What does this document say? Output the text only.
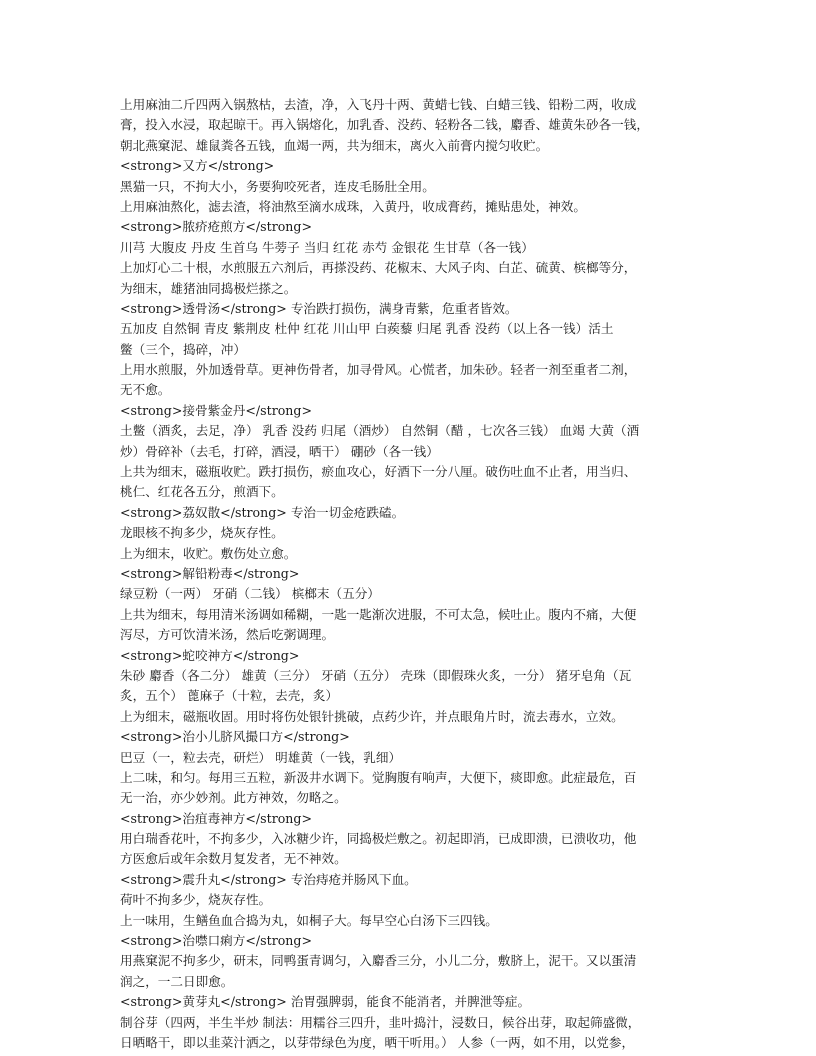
上用麻油二斤四两入锅熬枯，去渣，净，入飞丹十两、黄蜡七钱、白蜡三钱、铅粉二两，收成
膏，投入水浸，取起晾干。再入锅熔化，加乳香、没药、轻粉各二钱，麝香、雄黄朱砂各一钱，
朝北燕窠泥、雄鼠粪各五钱，血竭一两，共为细末，离火入前膏内搅匀收贮。
<strong>又方</strong>
黑猫一只，不拘大小，务要狗咬死者，连皮毛肠肚全用。
上用麻油熬化，滤去渣，将油熬至滴水成珠，入黄丹，收成膏药，摊贴患处，神效。
<strong>脓疥疮煎方</strong>
川芎 大腹皮 丹皮 生首乌 牛蒡子 当归 红花 赤芍 金银花 生甘草（各一钱）
上加灯心二十根，水煎服五六剂后，再搽没药、花椒末、大风子肉、白芷、硫黄、槟榔等分，
为细末，雄猪油同捣极烂搽之。
<strong>透骨汤</strong> 专治跌打损伤，满身青紫，危重者皆效。
五加皮 自然铜 青皮 紫荆皮 杜仲 红花 川山甲 白蒺藜 归尾 乳香 没药（以上各一钱）活土
鳖（三个，捣碎，冲）
上用水煎服，外加透骨草。更神伤骨者，加寻骨风。心慌者，加朱砂。轻者一剂至重者二剂，
无不愈。
<strong>接骨紫金丹</strong>
土鳖（酒炙，去足，净） 乳香 没药 归尾（酒炒） 自然铜（醋 ，七次各三钱） 血竭 大黄（酒
炒）骨碎补（去毛，打碎，酒浸，晒干） 硼砂（各一钱）
上共为细末，磁瓶收贮。跌打损伤，瘀血攻心，好酒下一分八厘。破伤吐血不止者，用当归、
桃仁、红花各五分，煎酒下。
<strong>荔奴散</strong> 专治一切金疮跌磕。
龙眼核不拘多少，烧灰存性。
上为细末，收贮。敷伤处立愈。
<strong>解铅粉毒</strong>
绿豆粉（一两） 牙硝（二钱） 槟榔末（五分）
上共为细末，每用清米汤调如稀糊，一匙一匙渐次进服，不可太急，候吐止。腹内不痛，大便
泻尽，方可饮清米汤，然后吃粥调理。
<strong>蛇咬神方</strong>
朱砂 麝香（各二分） 雄黄（三分） 牙硝（五分） 壳珠（即假珠火炙，一分） 猪牙皂角（瓦
炙，五个） 蓖麻子（十粒，去壳，炙）
上为细末，磁瓶收固。用时将伤处银针挑破，点药少许，并点眼角片时，流去毒水，立效。
<strong>治小儿脐风撮口方</strong>
巴豆（一，粒去壳，研烂） 明雄黄（一钱，乳细）
上二味，和匀。每用三五粒，新汲井水调下。觉胸腹有响声，大便下，痰即愈。此症最危，百
无一治，亦少妙剂。此方神效，勿略之。
<strong>治疽毒神方</strong>
用白瑞香花叶，不拘多少，入冰糖少许，同捣极烂敷之。初起即消，已成即溃，已溃收功，他
方医愈后或年余数月复发者，无不神效。
<strong>震升丸</strong> 专治痔疮并肠风下血。
荷叶不拘多少，烧灰存性。
上一味用，生鳝鱼血合捣为丸，如桐子大。每早空心白汤下三四钱。
<strong>治噤口痢方</strong>
用燕窠泥不拘多少，研末，同鸭蛋青调匀，入麝香三分，小儿二分，敷脐上，泥干。又以蛋清
润之，一二日即愈。
<strong>黄芽丸</strong> 治胃强脾弱，能食不能消者，并脾泄等症。
制谷芽（四两，半生半炒 制法：用糯谷三四升，韭叶捣汁，浸数日，候谷出芽，取起筛盛微，
日晒略干，即以韭菜汁洒之，以芽带绿色为度，晒干听用。） 人参（一两，如不用，以党参，
